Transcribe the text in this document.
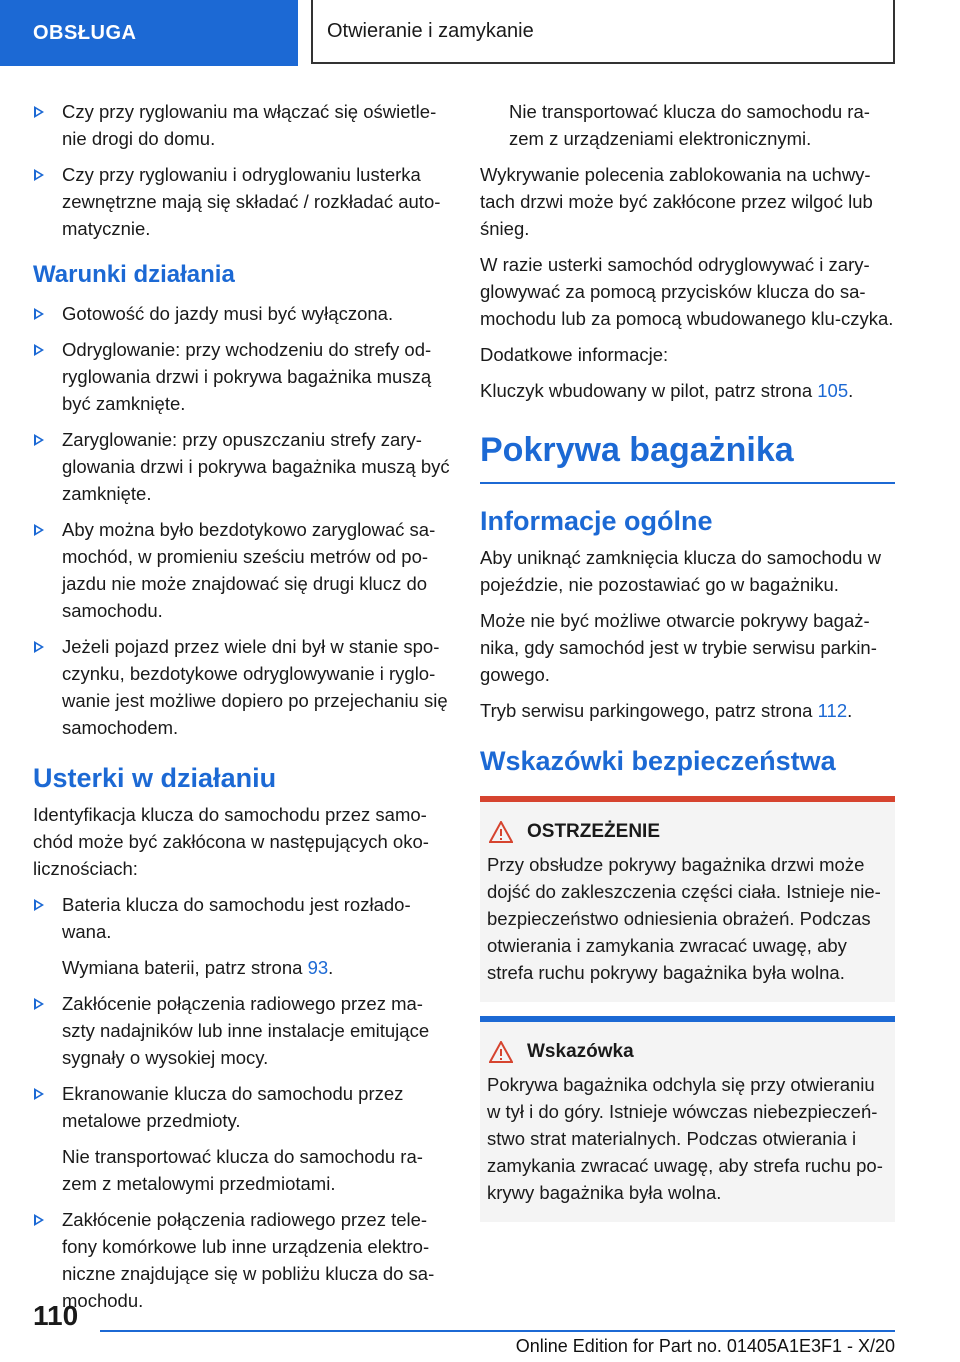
OBSŁUGA	Otwieranie i zamykanie
Czy przy ryglowaniu ma włączać się oświetle-nie drogi do domu.
Czy przy ryglowaniu i odryglowaniu lusterka zewnętrzne mają się składać / rozkładać auto-matycznie.
Warunki działania
Gotowość do jazdy musi być wyłączona.
Odryglowanie: przy wchodzeniu do strefy od-ryglowania drzwi i pokrywa bagażnika muszą być zamknięte.
Zaryglowanie: przy opuszczaniu strefy zary-glowania drzwi i pokrywa bagażnika muszą być zamknięte.
Aby można było bezdotykowo zaryglować sa-mochód, w promieniu sześciu metrów od po-jazdu nie może znajdować się drugi klucz do samochodu.
Jeżeli pojazd przez wiele dni był w stanie spo-czynku, bezdotykowe odryglowywanie i ryglo-wanie jest możliwe dopiero po przejechaniu się samochodem.
Usterki w działaniu

Identyfikacja klucza do samochodu przez samo-chód może być zakłócona w następujących oko-licznościach:

Bateria klucza do samochodu jest rozłado-wana.
Wymiana baterii, patrz strona 93.
Zakłócenie połączenia radiowego przez ma-szty nadajników lub inne instalacje emitujące sygnały o wysokiej mocy.
Ekranowanie klucza do samochodu przez metalowe przedmioty.
Nie transportować klucza do samochodu ra-zem z metalowymi przedmiotami.
Zakłócenie połączenia radiowego przez tele-fony komórkowe lub inne urządzenia elektro-niczne znajdujące się w pobliżu klucza do sa-mochodu.
Nie transportować klucza do samochodu ra-zem z urządzeniami elektronicznymi.

Wykrywanie polecenia zablokowania na uchwy-tach drzwi może być zakłócone przez wilgoć lub śnieg.

W razie usterki samochód odryglowywać i zary-glowywać za pomocą przycisków klucza do sa-mochodu lub za pomocą wbudowanego klu-czyka.

Dodatkowe informacje:

Kluczyk wbudowany w pilot, patrz strona 105.

Pokrywa bagażnika
Informacje ogólne

Aby uniknąć zamknięcia klucza do samochodu w pojeździe, nie pozostawiać go w bagażniku.

Może nie być możliwe otwarcie pokrywy bagaż-nika, gdy samochód jest w trybie serwisu parkin-gowego.

Tryb serwisu parkingowego, patrz strona 112.

Wskazówki bezpieczeństwa
OSTRZEŻENIE
Przy obsłudze pokrywy bagażnika drzwi może dojść do zakleszczenia części ciała. Istnieje nie-bezpieczeństwo odniesienia obrażeń. Podczas otwierania i zamykania zwracać uwagę, aby strefa ruchu pokrywy bagażnika była wolna.
Wskazówka
Pokrywa bagażnika odchyla się przy otwieraniu w tył i do góry. Istnieje wówczas niebezpieczeń-stwo strat materialnych. Podczas otwierania i zamykania zwracać uwagę, aby strefa ruchu po-krywy bagażnika była wolna.
110
Online Edition for Part no. 01405A1E3F1 - X/20
